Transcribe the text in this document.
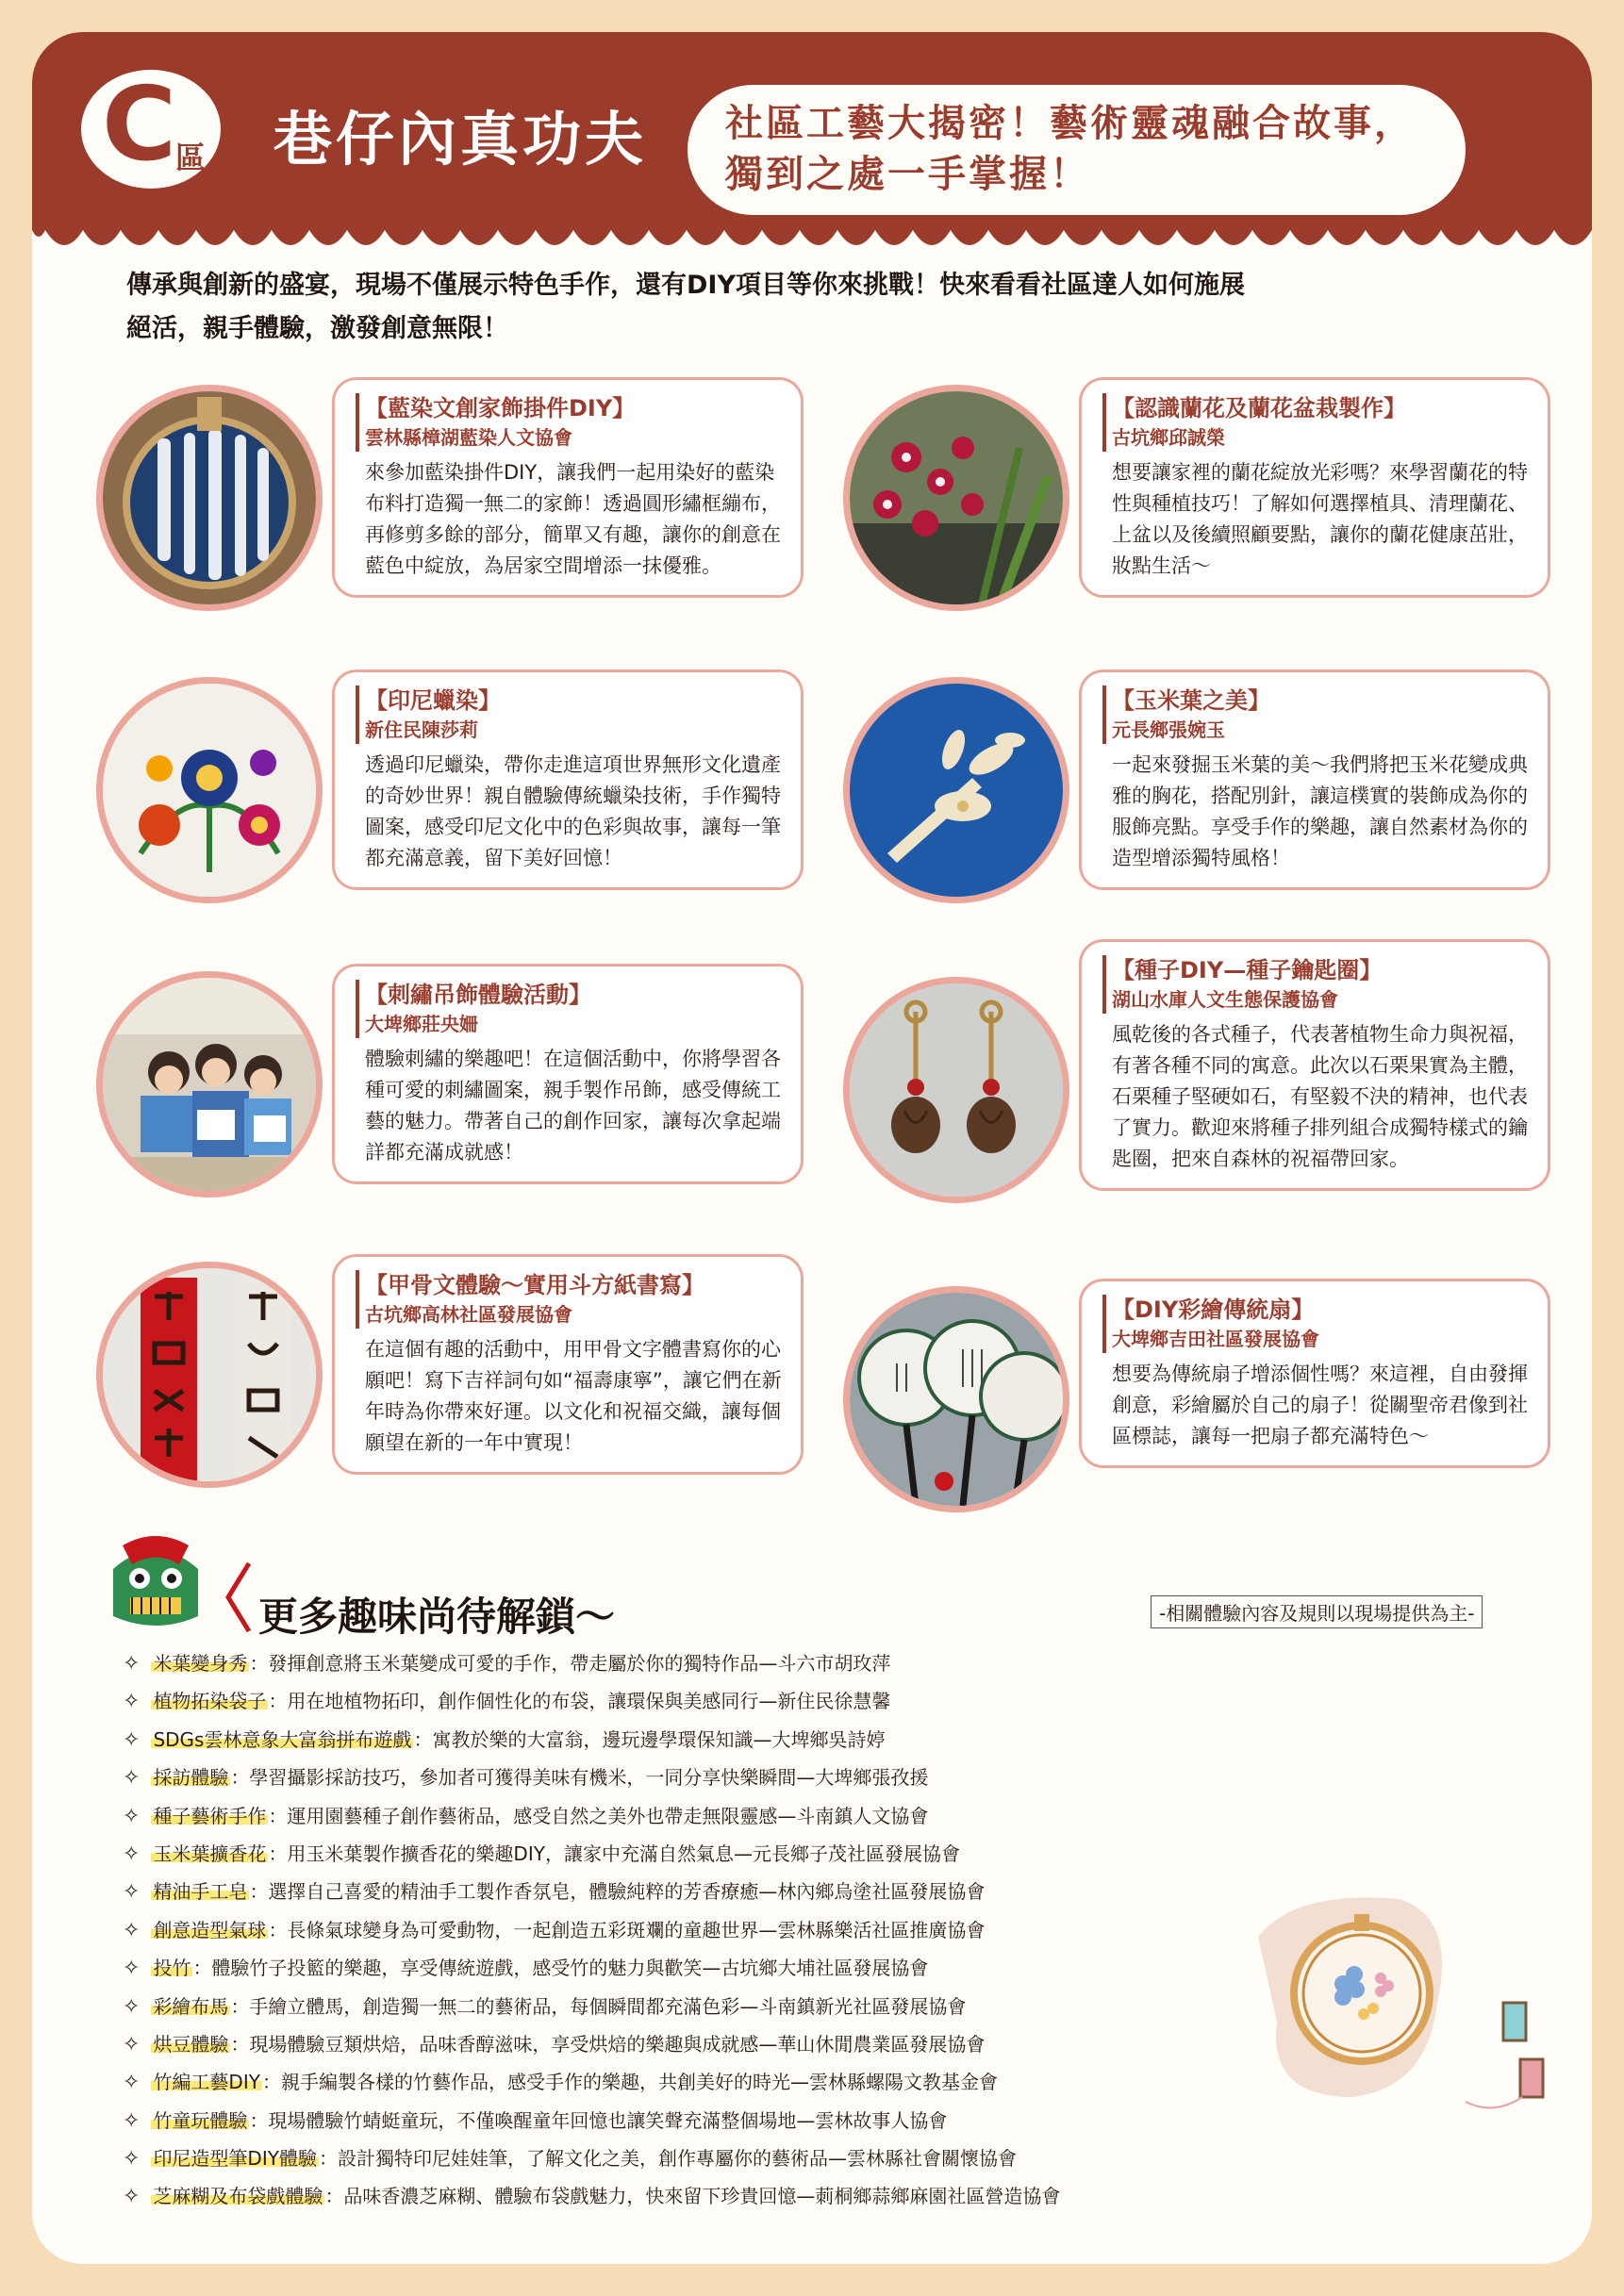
C
區 巷仔內真功夫 社區工藝大揭密！藝術靈魂融合故事，
獨到之處一手掌握！
傳承與創新的盛宴，現場不僅展示特色手作，還有DIY項目等你來挑戰！快來看看社區達人如何施展
絕活，親手體驗，激發創意無限！
【藍染文創家飾掛件DIY】
雲林縣樟湖藍染人文協會
來參加藍染掛件DIY，讓我們一起用染好的藍染布料打造獨一無二的家飾！透過圓形繡框繃布，再修剪多餘的部分，簡單又有趣，讓你的創意在藍色中綻放，為居家空間增添一抹優雅。
【認識蘭花及蘭花盆栽製作】
古坑鄉邱誠榮
想要讓家裡的蘭花綻放光彩嗎？來學習蘭花的特性與種植技巧！了解如何選擇植具、清理蘭花、上盆以及後續照顧要點，讓你的蘭花健康茁壯，妝點生活～
【印尼蠟染】
新住民陳莎莉
透過印尼蠟染，帶你走進這項世界無形文化遺產的奇妙世界！親自體驗傳統蠟染技術，手作獨特圖案，感受印尼文化中的色彩與故事，讓每一筆都充滿意義，留下美好回憶！
【玉米葉之美】
元長鄉張婉玉
一起來發掘玉米葉的美～我們將把玉米花變成典雅的胸花，搭配別針，讓這樸實的裝飾成為你的服飾亮點。享受手作的樂趣，讓自然素材為你的造型增添獨特風格！
【刺繡吊飾體驗活動】
大埤鄉莊央姍
體驗刺繡的樂趣吧！在這個活動中，你將學習各種可愛的刺繡圖案，親手製作吊飾，感受傳統工藝的魅力。帶著自己的創作回家，讓每次拿起端詳都充滿成就感！
【種子DIY—種子鑰匙圈】
湖山水庫人文生態保護協會
風乾後的各式種子，代表著植物生命力與祝福，有著各種不同的寓意。此次以石栗果實為主體，石栗種子堅硬如石，有堅毅不決的精神，也代表了實力。歡迎來將種子排列組合成獨特樣式的鑰匙圈，把來自森林的祝福帶回家。
【甲骨文體驗～實用斗方紙書寫】
古坑鄉高林社區發展協會
在這個有趣的活動中，用甲骨文字體書寫你的心願吧！寫下吉祥詞句如“福壽康寧”，讓它們在新年時為你帶來好運。以文化和祝福交織，讓每個願望在新的一年中實現！
【DIY彩繪傳統扇】
大埤鄉吉田社區發展協會
想要為傳統扇子增添個性嗎？來這裡，自由發揮創意，彩繪屬於自己的扇子！從關聖帝君像到社區標誌，讓每一把扇子都充滿特色～
更多趣味尚待解鎖～	-相關體驗內容及規則以現場提供為主-
✧ 米葉變身秀 ：發揮創意將玉米葉變成可愛的手作，帶走屬於你的獨特作品—斗六市胡玫萍
✧ 植物拓染袋子 ：用在地植物拓印，創作個性化的布袋，讓環保與美感同行—新住民徐慧馨
✧ SDGs雲林意象大富翁拼布遊戲 ：寓教於樂的大富翁，邊玩邊學環保知識—大埤鄉吳詩婷
✧ 採訪體驗 ：學習攝影採訪技巧，參加者可獲得美味有機米，一同分享快樂瞬間—大埤鄉張孜援
✧ 種子藝術手作 ：運用園藝種子創作藝術品，感受自然之美外也帶走無限靈感—斗南鎮人文協會
✧ 玉米葉擴香花 ：用玉米葉製作擴香花的樂趣DIY，讓家中充滿自然氣息—元長鄉子茂社區發展協會
✧ 精油手工皂 ：選擇自己喜愛的精油手工製作香氛皂，體驗純粹的芳香療癒—林內鄉烏塗社區發展協會
✧ 創意造型氣球 ：長條氣球變身為可愛動物，一起創造五彩斑斕的童趣世界—雲林縣樂活社區推廣協會
✧ 投竹 ：體驗竹子投籃的樂趣，享受傳統遊戲，感受竹的魅力與歡笑—古坑鄉大埔社區發展協會
✧ 彩繪布馬 ：手繪立體馬，創造獨一無二的藝術品，每個瞬間都充滿色彩—斗南鎮新光社區發展協會
✧ 烘豆體驗 ：現場體驗豆類烘焙，品味香醇滋味，享受烘焙的樂趣與成就感—華山休閒農業區發展協會
✧ 竹編工藝DIY ：親手編製各樣的竹藝作品，感受手作的樂趣，共創美好的時光—雲林縣螺陽文教基金會
✧ 竹童玩體驗 ：現場體驗竹蜻蜓童玩，不僅喚醒童年回憶也讓笑聲充滿整個場地—雲林故事人協會
✧ 印尼造型筆DIY體驗 ：設計獨特印尼娃娃筆，了解文化之美，創作專屬你的藝術品—雲林縣社會關懷協會
✧ 芝麻糊及布袋戲體驗 ：品味香濃芝麻糊、體驗布袋戲魅力，快來留下珍貴回憶—莿桐鄉蒜鄉麻園社區營造協會
